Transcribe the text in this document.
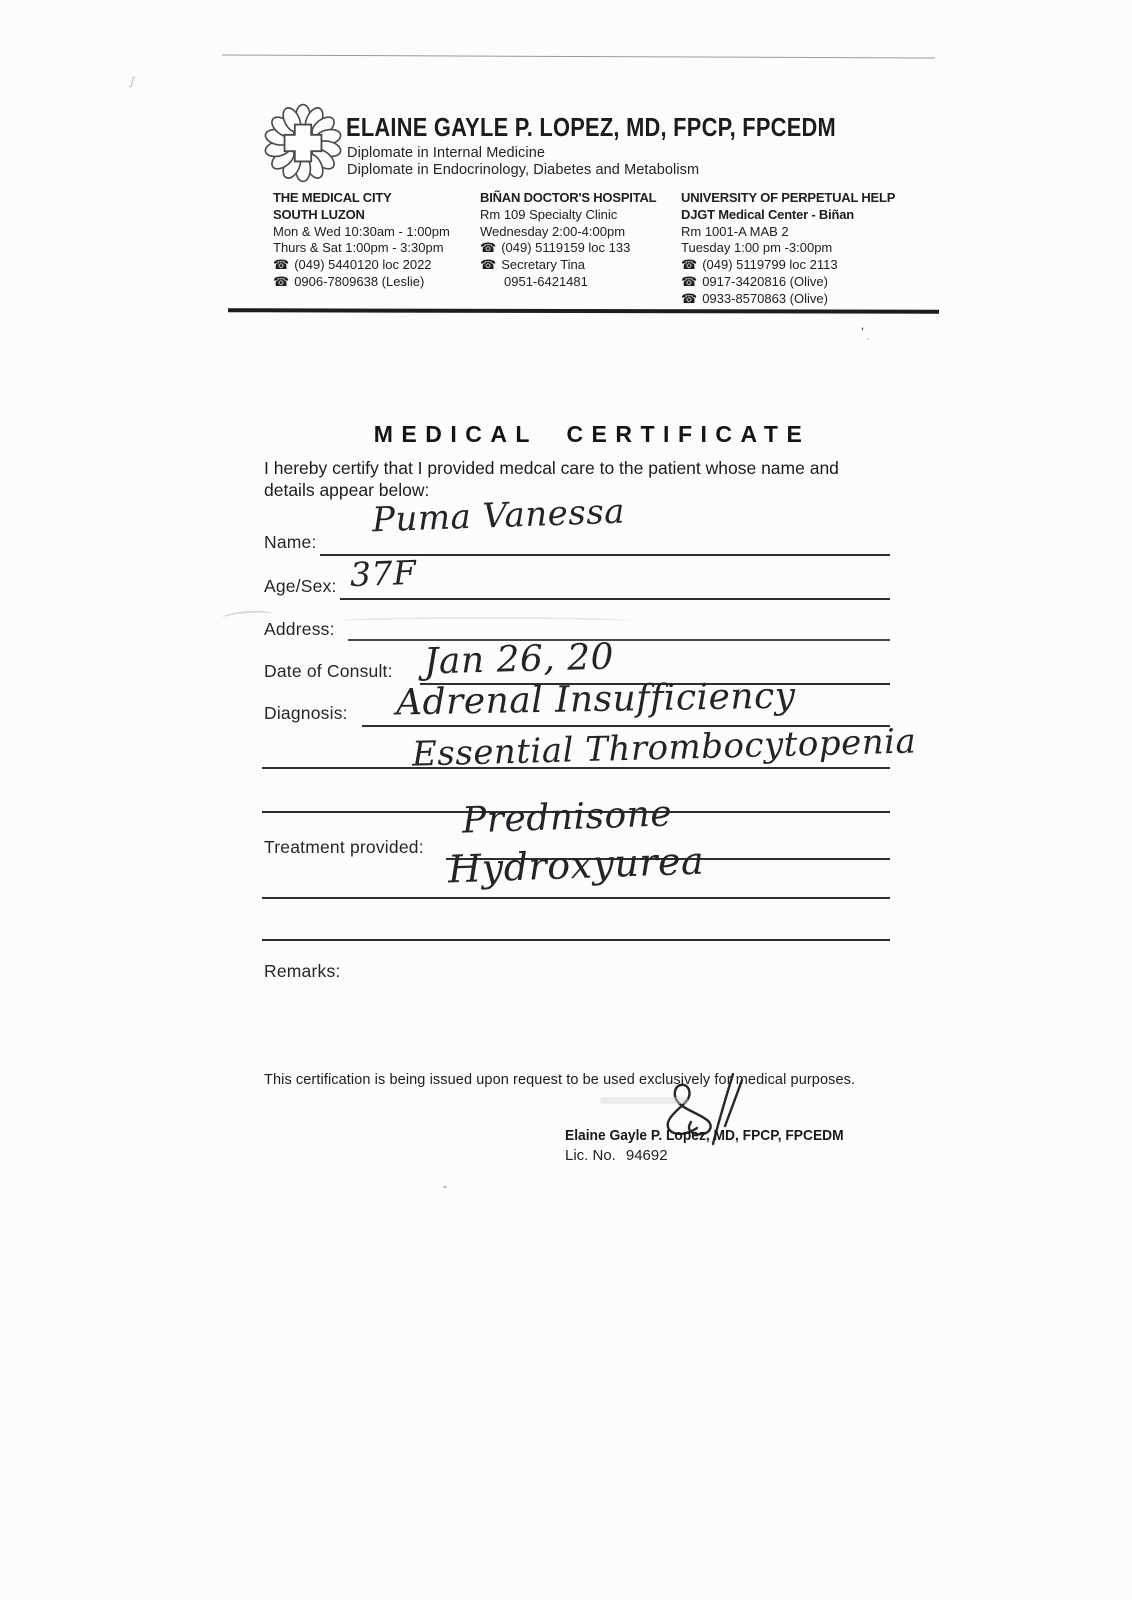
ELAINE GAYLE P. LOPEZ, MD, FPCP, FPCEDM
Diplomate in Internal Medicine
Diplomate in Endocrinology, Diabetes and Metabolism
THE MEDICAL CITY
SOUTH LUZON
Mon & Wed 10:30am - 1:00pm
Thurs & Sat 1:00pm - 3:30pm
☎ (049) 5440120 loc 2022
☎ 0906-7809638 (Leslie)
BIÑAN DOCTOR'S HOSPITAL
Rm 109 Specialty Clinic
Wednesday 2:00-4:00pm
☎ (049) 5119159 loc 133
☎ Secretary Tina
0951-6421481
UNIVERSITY OF PERPETUAL HELP
DJGT Medical Center - Biñan
Rm 1001-A MAB 2
Tuesday 1:00 pm -3:00pm
☎ (049) 5119799 loc 2113
☎ 0917-3420816 (Olive)
☎ 0933-8570863 (Olive)
MEDICAL CERTIFICATE
I hereby certify that I provided medcal care to the patient whose name and details appear below:
Name:
Puma Vanessa
Age/Sex: 37F
Address:
Date of Consult: Jan 26, 20
Diagnosis: Adrenal Insufficiency
Essential Thrombocytopenia
Treatment provided:
Prednisone
Hydroxyurea
Remarks:
This certification is being issued upon request to be used exclusively for medical purposes.
Elaine Gayle P. Lopez, MD, FPCP, FPCEDM
Lic. No. 94692
ʃ
ʼ
